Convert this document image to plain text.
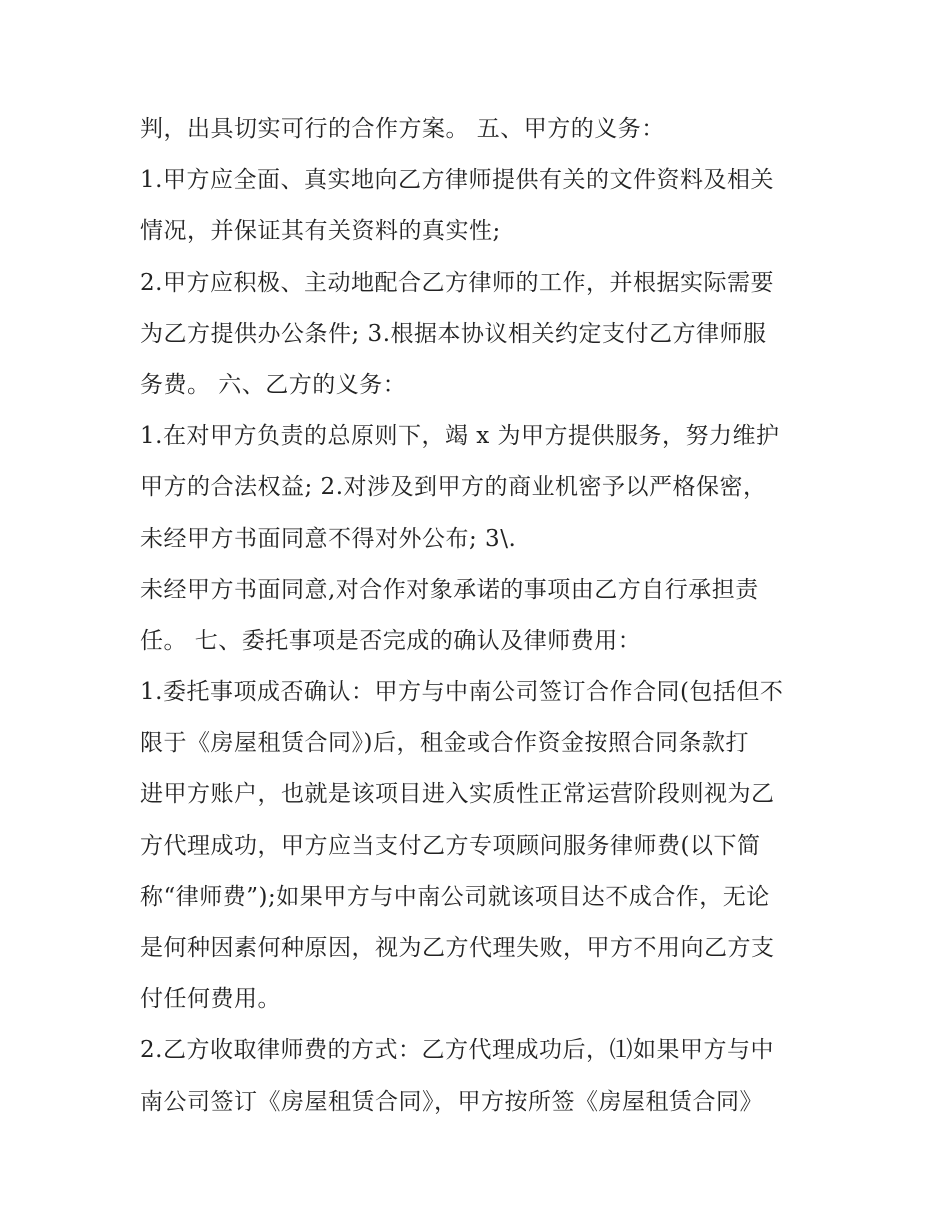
判，出具切实可行的合作方案。 五、甲方的义务：
1.甲方应全面、真实地向乙方律师提供有关的文件资料及相关
情况，并保证其有关资料的真实性;
2.甲方应积极、主动地配合乙方律师的工作，并根据实际需要
为乙方提供办公条件; 3.根据本协议相关约定支付乙方律师服
务费。 六、乙方的义务：
1.在对甲方负责的总原则下，竭 x 为甲方提供服务，努力维护
甲方的合法权益; 2.对涉及到甲方的商业机密予以严格保密，
未经甲方书面同意不得对外公布; 3\.
未经甲方书面同意,对合作对象承诺的事项由乙方自行承担责
任。 七、委托事项是否完成的确认及律师费用：
1.委托事项成否确认：甲方与中南公司签订合作合同(包括但不
限于《房屋租赁合同》)后，租金或合作资金按照合同条款打
进甲方账户，也就是该项目进入实质性正常运营阶段则视为乙
方代理成功，甲方应当支付乙方专项顾问服务律师费(以下简
称“律师费”);如果甲方与中南公司就该项目达不成合作，无论
是何种因素何种原因，视为乙方代理失败，甲方不用向乙方支
付任何费用。
2.乙方收取律师费的方式：乙方代理成功后，⑴如果甲方与中
南公司签订《房屋租赁合同》，甲方按所签《房屋租赁合同》
